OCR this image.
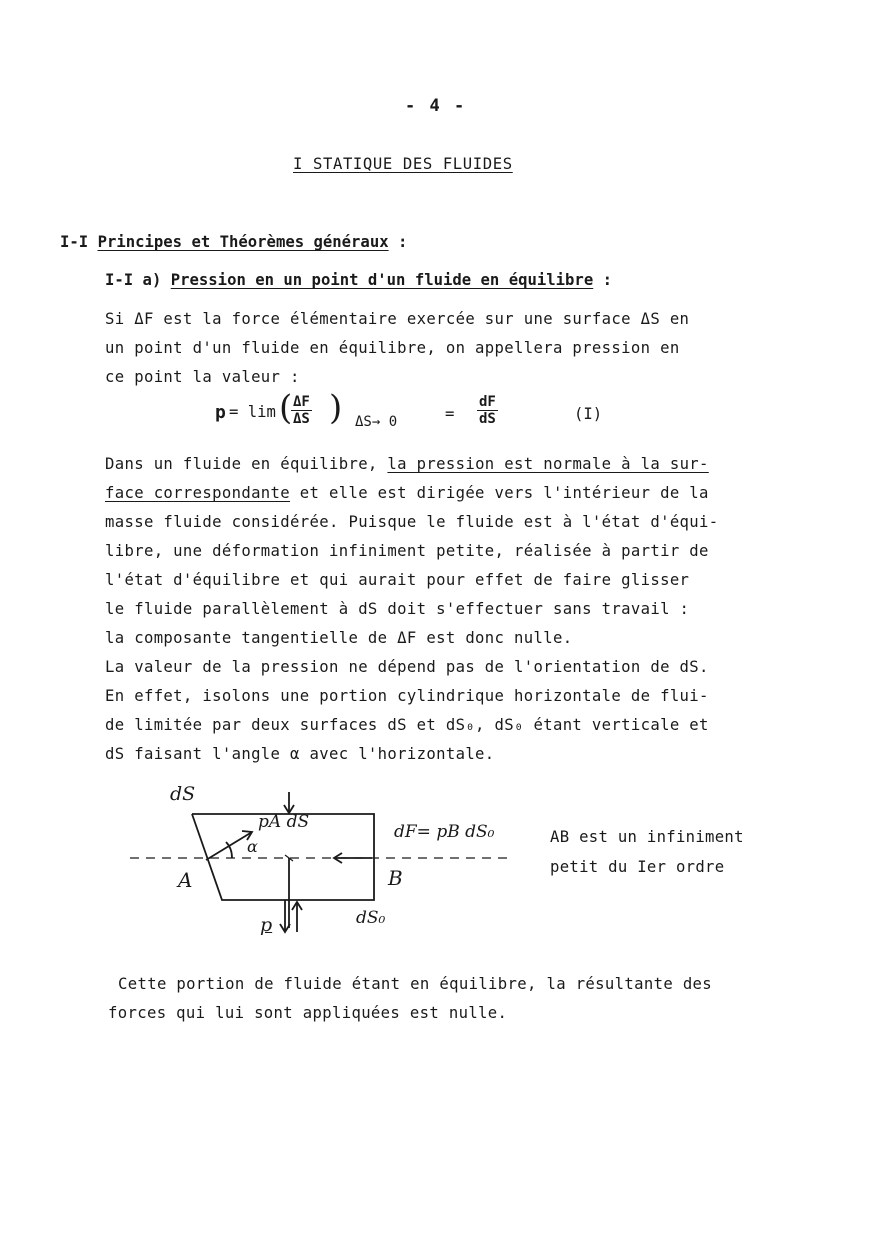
- 4 -
I STATIQUE DES FLUIDES
I-I Principes et Théorèmes généraux :
I-I a) Pression en un point d'un fluide en équilibre :
Si ΔF est la force élémentaire exercée sur une surface ΔS en
un point d'un fluide en équilibre, on appellera pression en
ce point la valeur :
p = lim (
$\frac{\Delta F}{\Delta S}$ ) ΔS→ 0	= $\frac{dF}{dS}$	(I)
Dans un fluide en équilibre, la pression est normale à la sur-
face correspondante et elle est dirigée vers l'intérieur de la
masse fluide considérée. Puisque le fluide est à l'état d'équi-
libre, une déformation infiniment petite, réalisée à partir de
l'état d'équilibre et qui aurait pour effet de faire glisser
le fluide parallèlement à dS doit s'effectuer sans travail :
la composante tangentielle de ΔF est donc nulle.
La valeur de la pression ne dépend pas de l'orientation de dS.
En effet, isolons une portion cylindrique horizontale de flui-
de limitée par deux surfaces dS et dS₀, dS₀ étant verticale et
dS faisant l'angle α avec l'horizontale.
dS
pA dS	dF= pB dS₀
α
A	B
p	dS₀
AB est un infiniment
petit du Ier ordre
Cette portion de fluide étant en équilibre, la résultante des
forces qui lui sont appliquées est nulle.
